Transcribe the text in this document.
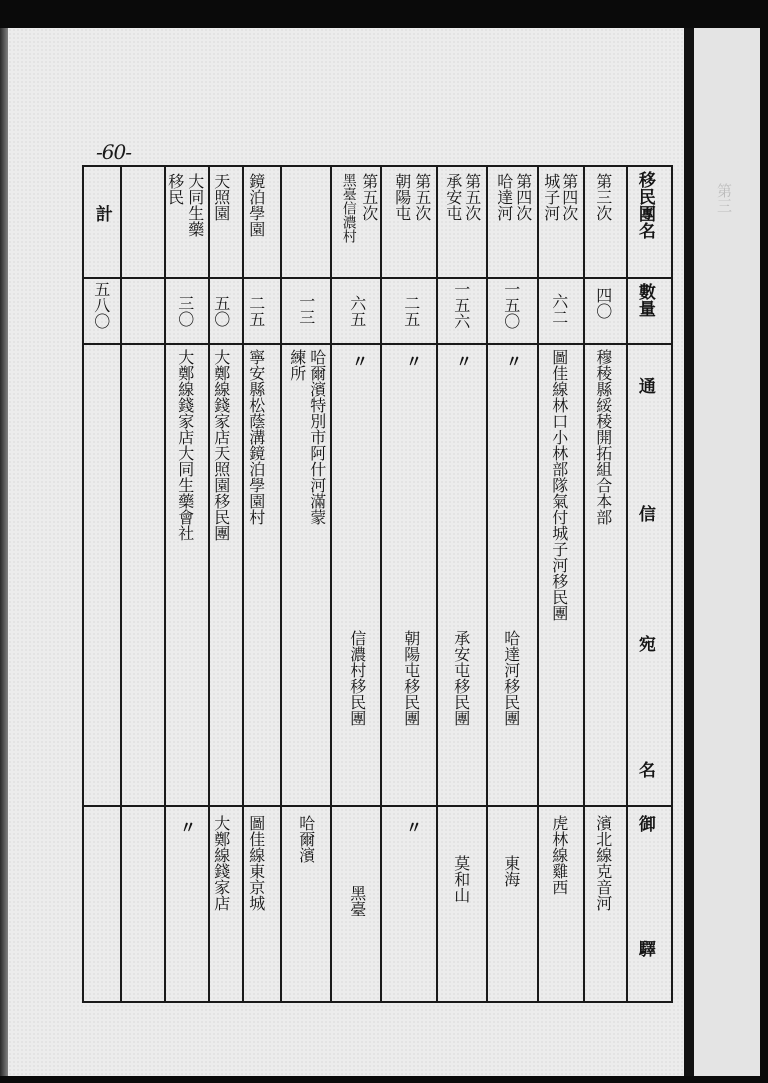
第三
-60-
移民團名
數量
通
信
宛
名
御
驛
第三次
四〇
穆稜縣綏稜開拓組合本部
濱北線克音河
第四次
城子河
六二
圖佳線林口小林部隊氣付城子河移民團
虎林線雞西
第四次
哈達河
一五〇
〃
哈達河移民團
東海
第五次
承安屯
一五六
〃
承安屯移民團
莫和山
第五次
朝陽屯
二五
〃
朝陽屯移民團
〃
第五次
黑臺信濃村
六五
〃
信濃村移民團
黑臺
一三
哈爾濱特別市阿什河滿蒙
練所
哈爾濱
鏡泊學園
二五
寧安縣松蔭溝鏡泊學園村
圖佳線東京城
天照園
五〇
大鄭線錢家店天照園移民團
大鄭線錢家店
大同生藥
移民
三〇
大鄭線錢家店大同生藥會社
〃
計
五八〇
